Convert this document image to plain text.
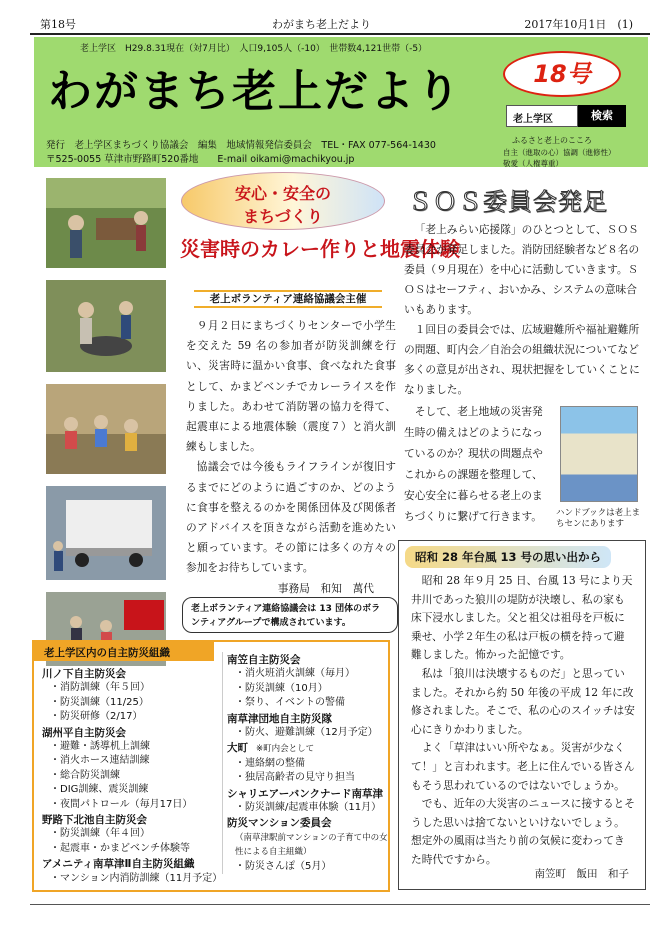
第18号	わがまち老上だより	2017年10月1日　 (1)
老上学区　H29.8.31現在（対7月比）　人口9,105人（-10）　世帯数4,121世帯（-5）
わがまち老上だより
発行　老上学区まちづくり協議会　編集　地域情報発信委員会　TEL・FAX 077-564-1430
〒525-0055 草津市野路町520番地　　E-mail oikami@machikyou.jp
18号
老上学区	検索
ふるさと老上のこころ
自主（進取の心）協調（進修性）
敬愛（人権尊重）

安心・安全の
まちづくり
災害時のカレー作りと地震体験
老上ボランティア連絡協議会主催

９月２日にまちづくりセンターで小学生を交えた 59 名の参加者が防災訓練を行い、災害時に温かい食事、食べなれた食事として、かまどベンチでカレーライスを作りました。あわせて消防署の協力を得て、起震車による地震体験（震度７）と消火訓練もしました。

協議会では今後もライフラインが復旧するまでにどのように過ごすのか、どのように食事を整えるのかを関係団体及び関係者のアドバイスを頂きながら活動を進めたいと願っています。その節には多くの方々の参加をお待ちしています。

事務局　和知　萬代
老上ボランティア連絡協議会は 13 団体のボランティアグループで構成されています。
ＳＯＳ委員会発足

「老上みらい応援隊」のひとつとして、ＳＯＳ委員会が発足しました。消防団経験者など８名の委員（９月現在）を中心に活動していきます。ＳＯＳはセーフティ、おいかみ、システムの意味合いもあります。

１回目の委員会では、広域避難所や福祉避難所の問題、町内会／自治会の組織状況についてなど多くの意見が出され、現状把握をしていくことになりました。

そして、老上地域の災害発生時の備えはどのようになっているのか？現状の問題点やこれからの課題を整理して、安心安全に暮らせる老上のまちづくりに繋げて行きます。	ハンドブックは老上まちセンにあります
昭和 28 年台風 13 号の思い出から

昭和 28 年９月 25 日、台風 13 号により天井川であった狼川の堤防が決壊し、私の家も床下浸水しました。父と祖父は祖母を戸板に乗せ、小学２年生の私は戸板の横を持って避難しました。怖かった記憶です。

私は「狼川は決壊するものだ」と思っていました。それから約 50 年後の平成 12 年に改修されました。そこで、私の心のスイッチは安心にきりかわりました。

よく「草津はいい所やなぁ。災害が少なくて！」と言われます。老上に住んでいる皆さんもそう思われているのではないでしょうか。

でも、近年の大災害のニュースに接するとそうした思いは捨てないといけないでしょう。想定外の風雨は当たり前の気候に変わってきた時代ですから。

南笠町　飯田　和子
老上学区内の自主防災組織
川ノ下自主防災会
・消防訓練（年５回）
・防災訓練（11/25）
・防災研修（2/17）
湖州平自主防災会
・避難・誘導机上訓練
・消火ホース連結訓練
・総合防災訓練
・DIG訓練、震災訓練
・夜間パトロール（毎月17日）
野路下北池自主防災会
・防災訓練（年４回）
・起震車・かまどベンチ体験等
アメニティ南草津Ⅱ自主防災組織
・マンション内消防訓練（11月予定）
南笠自主防災会
・消火班消火訓練（毎月）
・防災訓練（10月）
・祭り、イベントの警備
南草津団地自主防災隊
・防火、避難訓練（12月予定）
大町 ※町内会として
・連絡網の整備
・独居高齢者の見守り担当
シャリエアーバンクナード南草津
・防災訓練/起震車体験（11月）
防災マンション委員会
（南草津駅前マンションの子育て中の女性による自主組織）
・防災さんぽ（5月）
